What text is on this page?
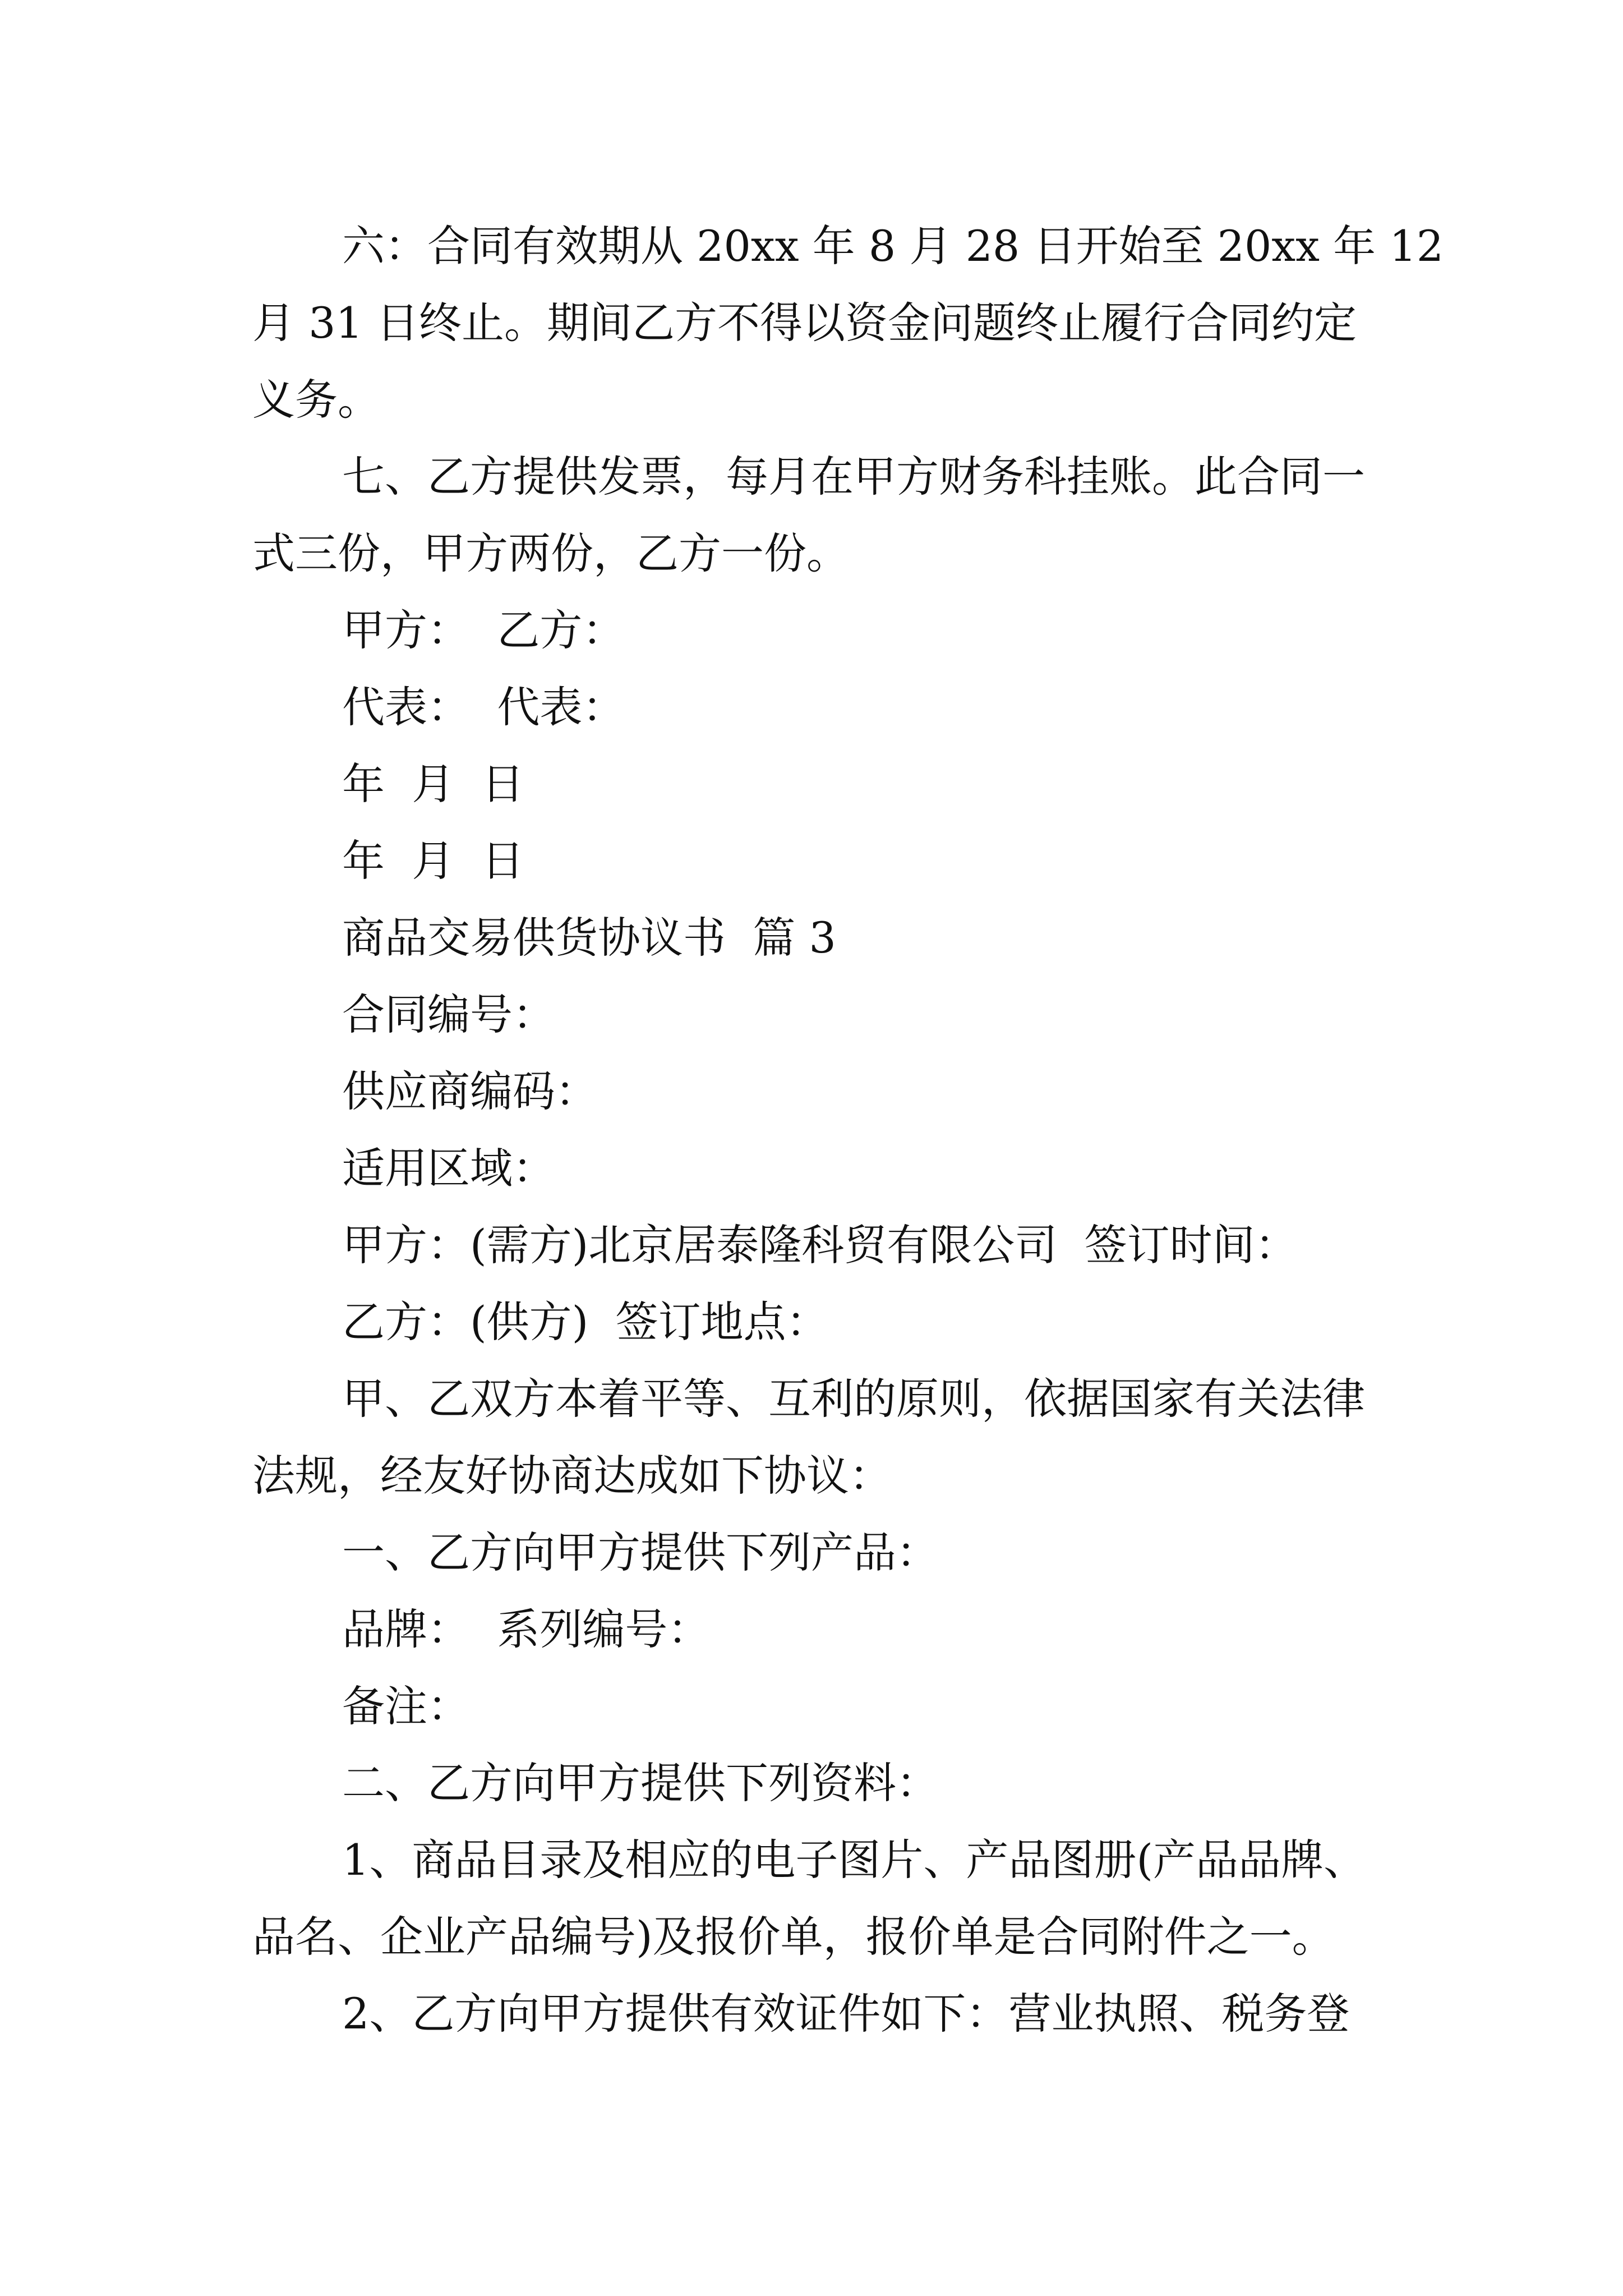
六：合同有效期从 20xx 年 8 月 28 日开始至 20xx 年 12
月 31 日终止。期间乙方不得以资金问题终止履行合同约定
义务。
七、乙方提供发票，每月在甲方财务科挂账。此合同一
式三份，甲方两份，乙方一份。
甲方：  乙方：
代表：  代表：
年  月  日
年  月  日
商品交易供货协议书  篇 3
合同编号：
供应商编码：
适用区域：
甲方：(需方)北京居泰隆科贸有限公司  签订时间：
乙方：(供方)  签订地点：
甲、乙双方本着平等、互利的原则，依据国家有关法律
法规，经友好协商达成如下协议：
一、乙方向甲方提供下列产品：
品牌：  系列编号：
备注：
二、乙方向甲方提供下列资料：
1、商品目录及相应的电子图片、产品图册(产品品牌、
品名、企业产品编号)及报价单，报价单是合同附件之一。
2、乙方向甲方提供有效证件如下：营业执照、税务登
